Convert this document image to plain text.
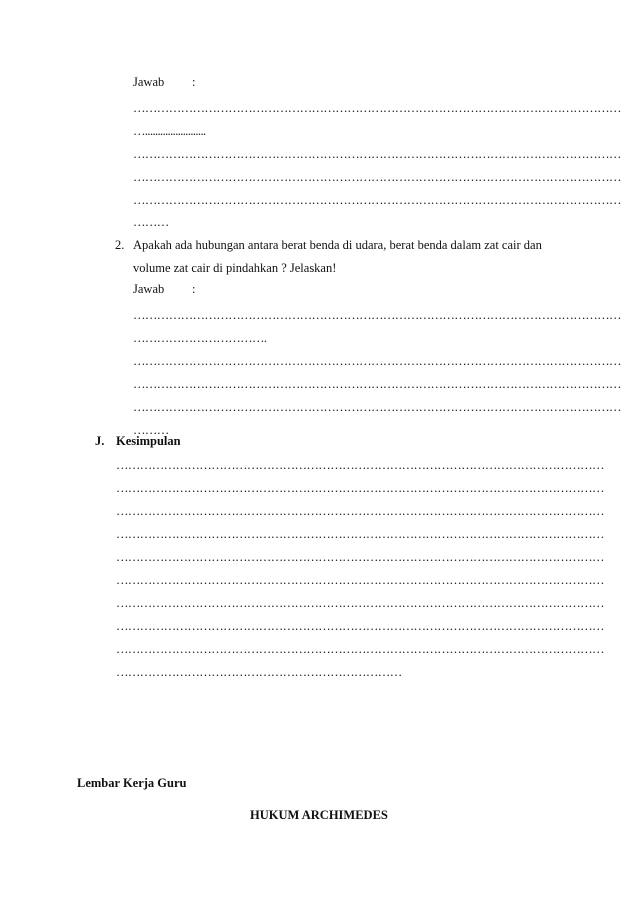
Jawab :
……………………………………………………………………………………………………………
…........................
……………………………………………………………………………………………………………
……………………………………………………………………………………………………………
……………………………………………………………………………………………………………
………
2. Apakah ada hubungan antara berat benda di udara, berat benda dalam zat cair dan
volume zat cair di pindahkan ? Jelaskan!
Jawab :
……………………………………………………………………………………………………………
…………………………….
……………………………………………………………………………………………………………
……………………………………………………………………………………………………………
……………………………………………………………………………………………………………
………
J. Kesimpulan
……………………………………………………………………………………………………………
……………………………………………………………………………………………………………
……………………………………………………………………………………………………………
……………………………………………………………………………………………………………
……………………………………………………………………………………………………………
……………………………………………………………………………………………………………
……………………………………………………………………………………………………………
……………………………………………………………………………………………………………
……………………………………………………………………………………………………………
………………………………………………………………
Lembar Kerja Guru
HUKUM ARCHIMEDES
